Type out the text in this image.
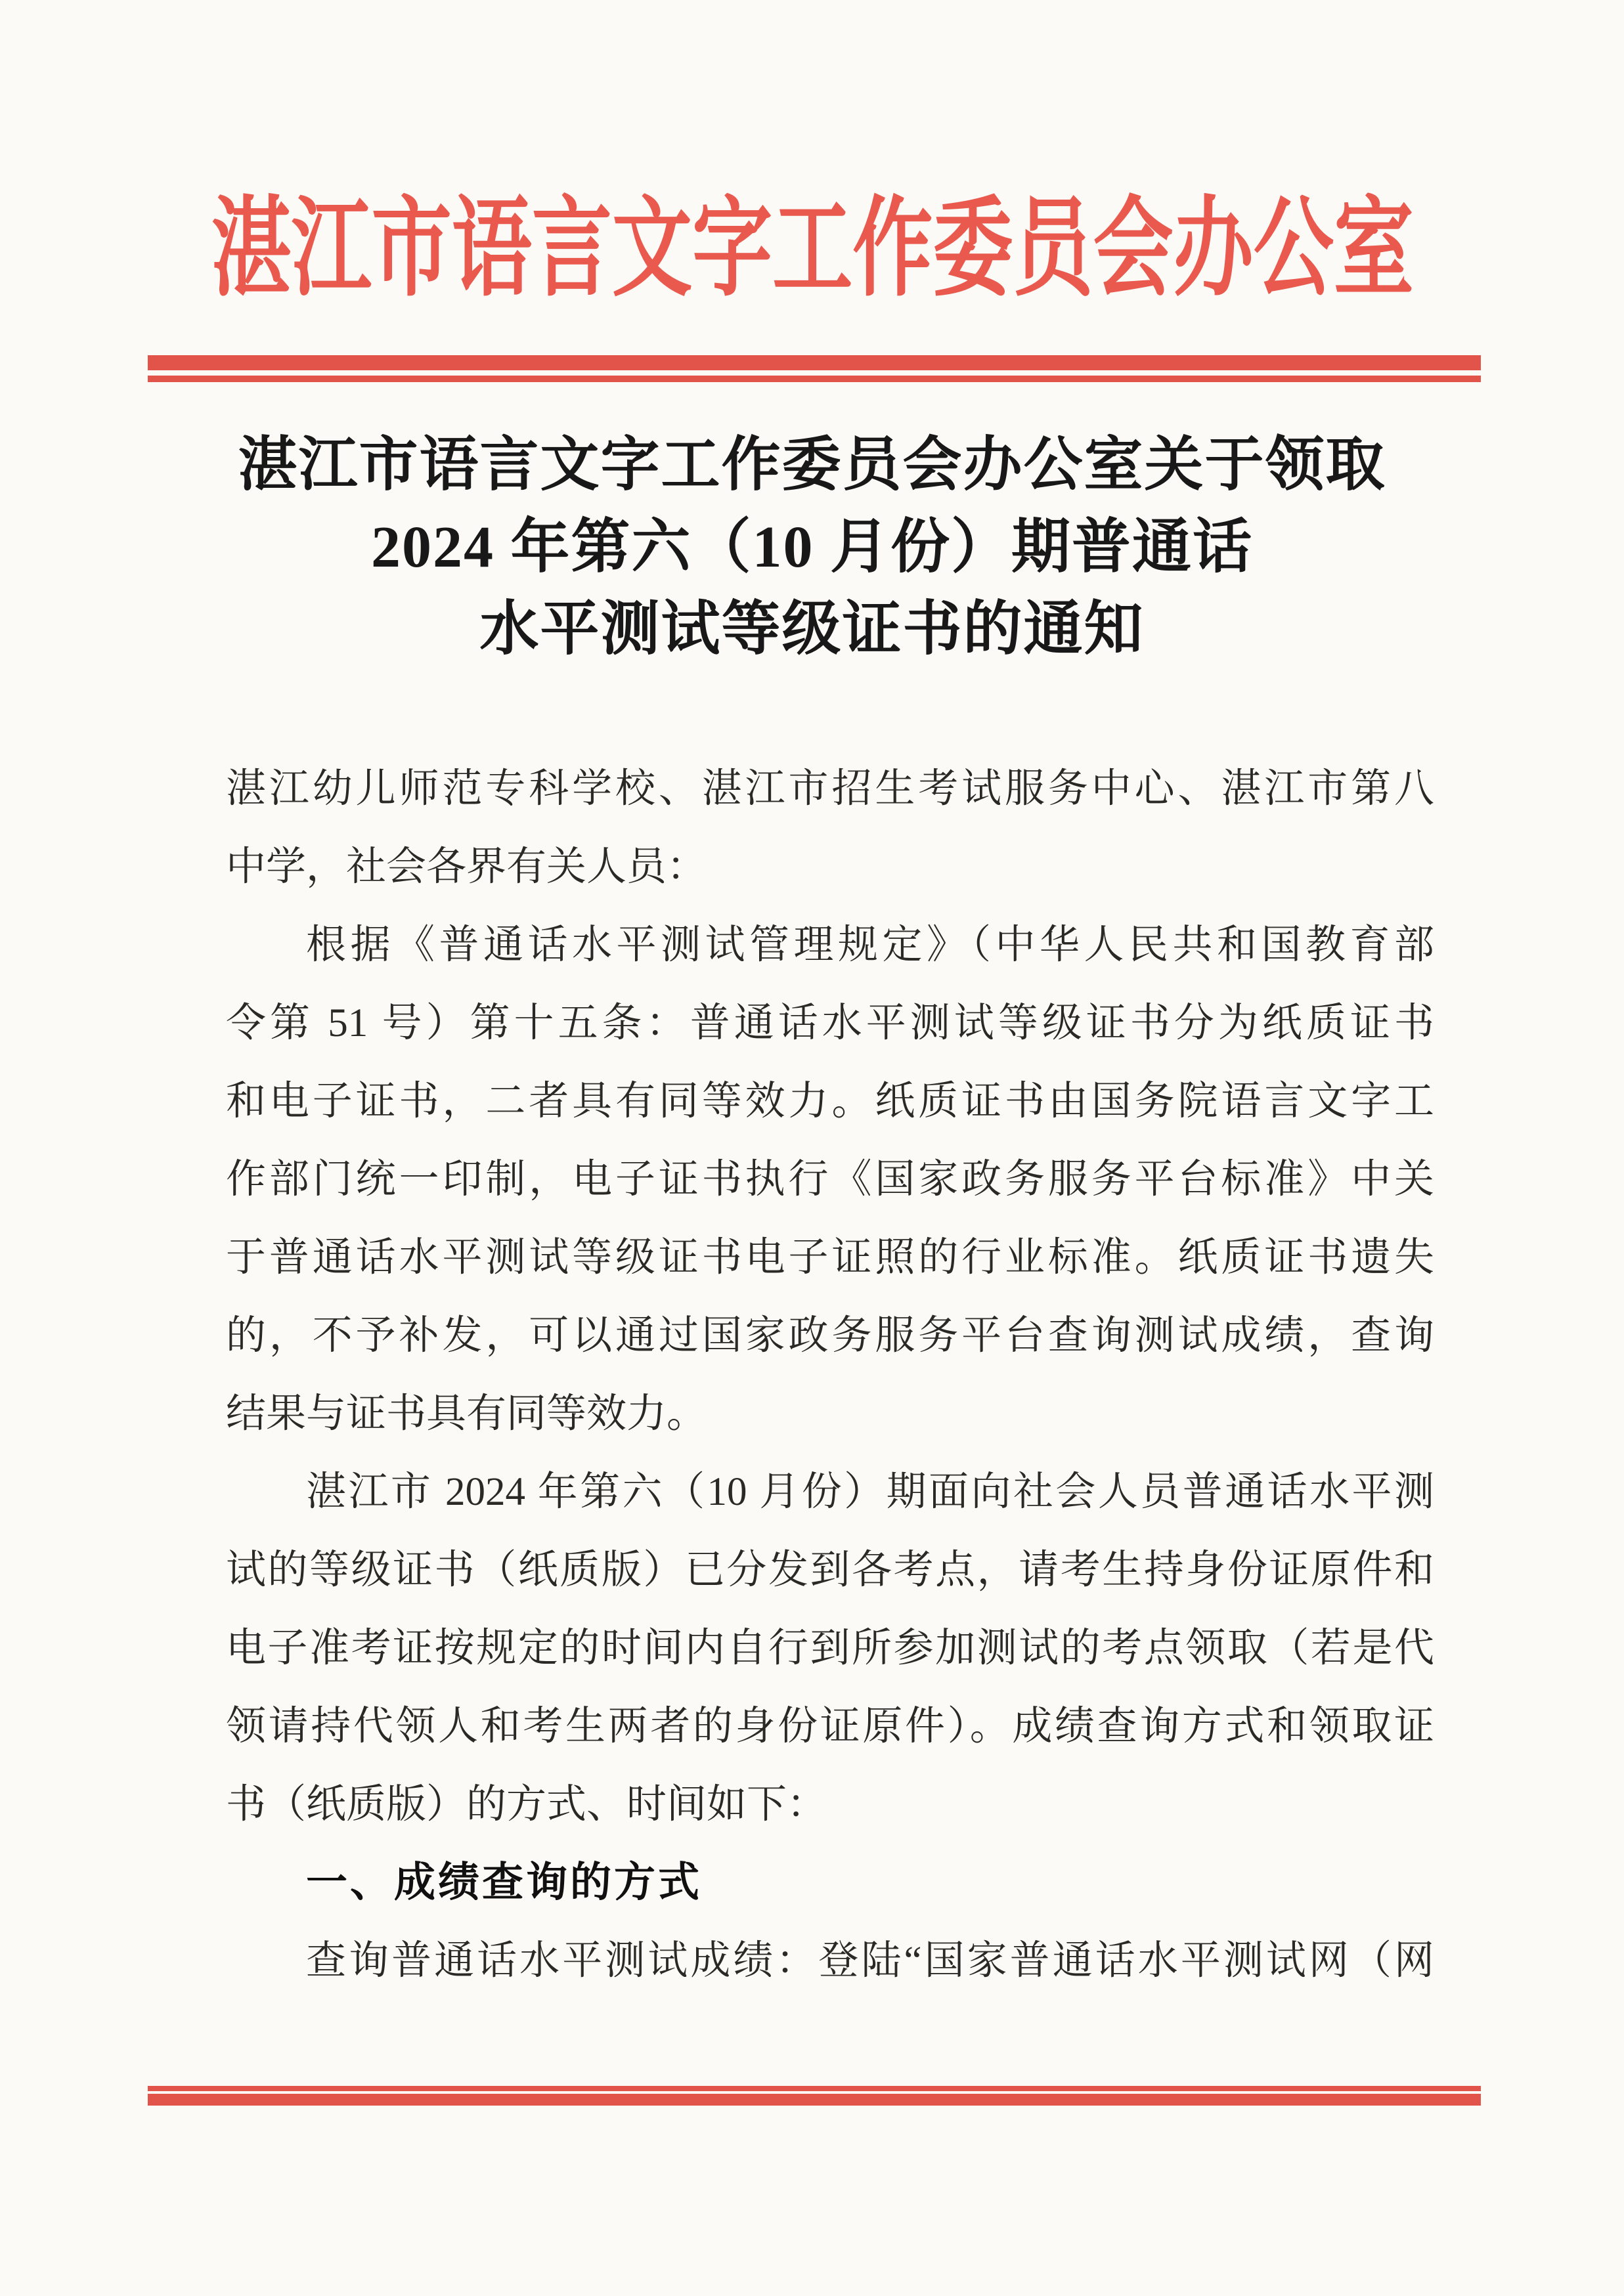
湛江市语言文字工作委员会办公室
湛江市语言文字工作委员会办公室关于领取
2024 年第六（10 月份）期普通话
水平测试等级证书的通知
湛江幼儿师范专科学校、湛江市招生考试服务中心、湛江市第八
中学，社会各界有关人员：
根据《普通话水平测试管理规定》（中华人民共和国教育部
令第 51 号）第十五条：普通话水平测试等级证书分为纸质证书
和电子证书，二者具有同等效力。纸质证书由国务院语言文字工
作部门统一印制，电子证书执行《国家政务服务平台标准》中关
于普通话水平测试等级证书电子证照的行业标准。纸质证书遗失
的，不予补发，可以通过国家政务服务平台查询测试成绩，查询
结果与证书具有同等效力。
湛江市 2024 年第六（10 月份）期面向社会人员普通话水平测
试的等级证书（纸质版）已分发到各考点，请考生持身份证原件和
电子准考证按规定的时间内自行到所参加测试的考点领取（若是代
领请持代领人和考生两者的身份证原件）。成绩查询方式和领取证
书（纸质版）的方式、时间如下：
一、成绩查询的方式
查询普通话水平测试成绩：登陆“国家普通话水平测试网（网
